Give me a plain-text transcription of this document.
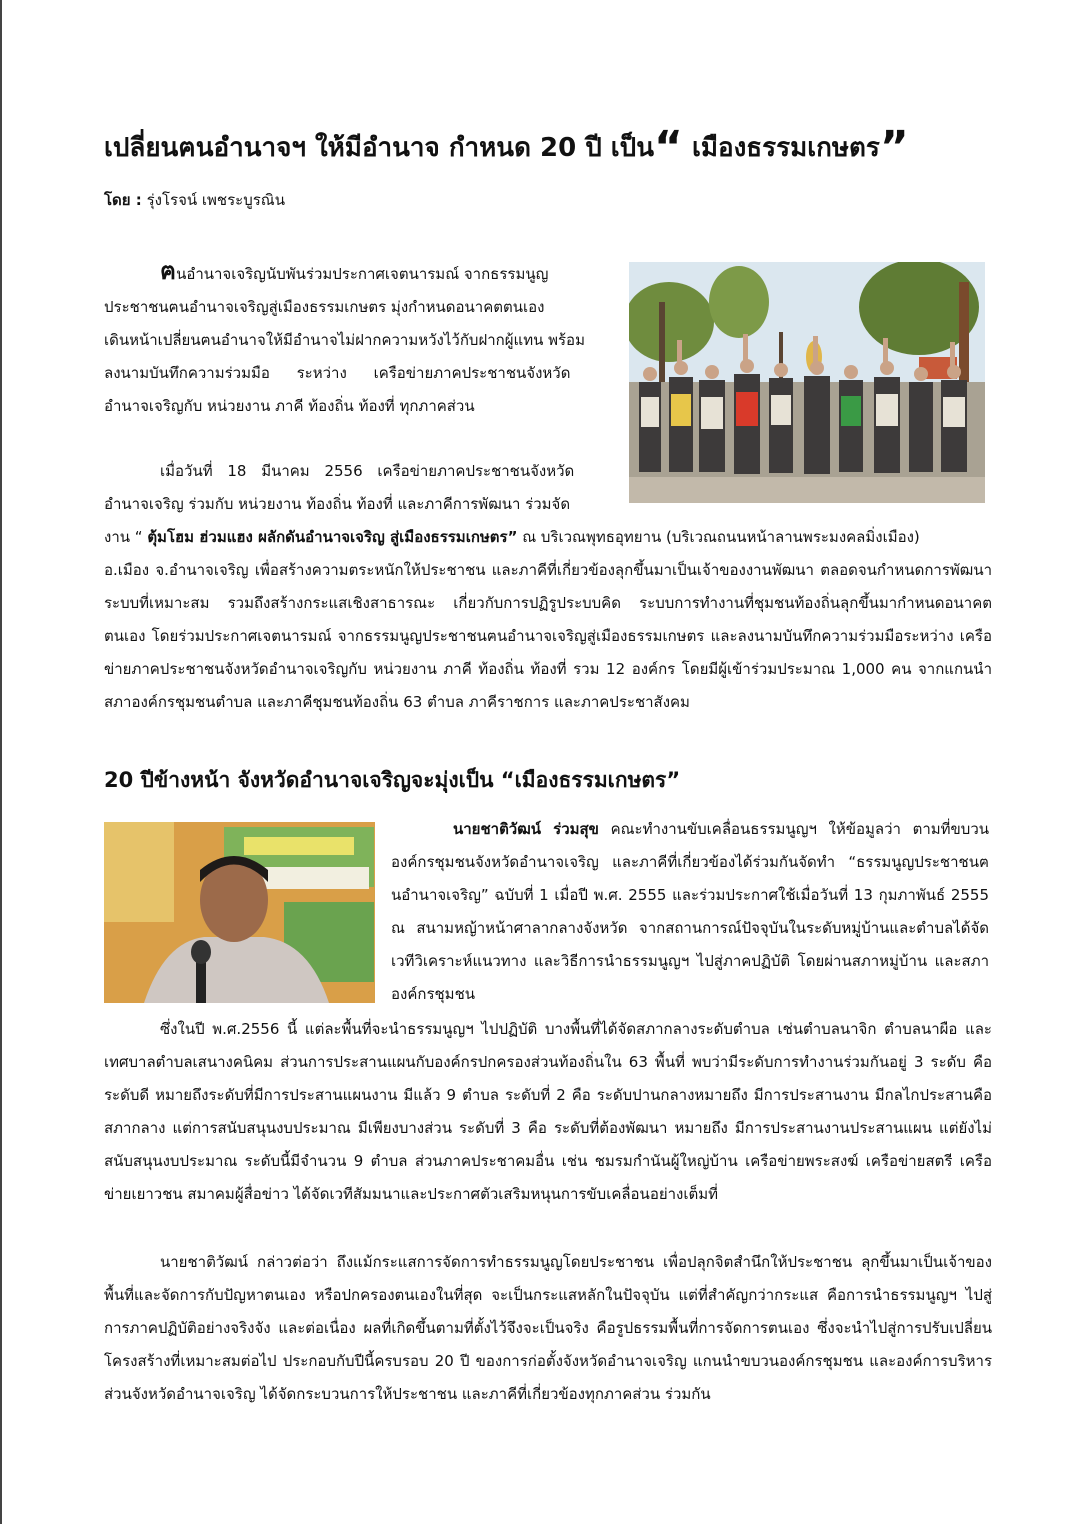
เปลี่ยนฅนอำนาจฯ ให้มีอำนาจ กำหนด 20 ปี เป็น“ เมืองธรรมเกษตร”
โดย : รุ่งโรจน์ เพชระบูรณิน

ฅนอำนาจเจริญนับพันร่วมประกาศเจตนารมณ์ จากธรรมนูญ

ประชาชนฅนอำนาจเจริญสู่เมืองธรรมเกษตร มุ่งกำหนดอนาคตตนเอง

เดินหน้าเปลี่ยนฅนอำนาจให้มีอำนาจไม่ฝากความหวังไว้กับฝากผู้แทน พร้อม

ลงนามบันทึกความร่วมมือ ระหว่าง เครือข่ายภาคประชาชนจังหวัด

อำนาจเจริญกับ หน่วยงาน ภาคี ท้องถิ่น ท้องที่ ทุกภาคส่วน

เมื่อวันที่ 18 มีนาคม 2556 เครือข่ายภาคประชาชนจังหวัด

อำนาจเจริญ ร่วมกับ หน่วยงาน ท้องถิ่น ท้องที่ และภาคีการพัฒนา ร่วมจัด

งาน “ ตุ้มโฮม ฮ่วมแฮง ผลักดันอำนาจเจริญ สู่เมืองธรรมเกษตร” ณ บริเวณพุทธอุทยาน (บริเวณถนนหน้าลานพระมงคลมิ่งเมือง)

อ.เมือง จ.อำนาจเจริญ เพื่อสร้างความตระหนักให้ประชาชน และภาคีที่เกี่ยวข้องลุกขึ้นมาเป็นเจ้าของงานพัฒนา ตลอดจนกำหนดการพัฒนาระบบที่เหมาะสม รวมถึงสร้างกระแสเชิงสาธารณะ เกี่ยวกับการปฏิรูประบบคิด ระบบการทำงานที่ชุมชนท้องถิ่นลุกขึ้นมากำหนดอนาคตตนเอง โดยร่วมประกาศเจตนารมณ์ จากธรรมนูญประชาชนฅนอำนาจเจริญสู่เมืองธรรมเกษตร และลงนามบันทึกความร่วมมือระหว่าง เครือข่ายภาคประชาชนจังหวัดอำนาจเจริญกับ หน่วยงาน ภาคี ท้องถิ่น ท้องที่ รวม 12 องค์กร โดยมีผู้เข้าร่วมประมาณ 1,000 คน จากแกนนำสภาองค์กรชุมชนตำบล และภาคีชุมชนท้องถิ่น 63 ตำบล ภาคีราชการ และภาคประชาสังคม

20 ปีข้างหน้า จังหวัดอำนาจเจริญจะมุ่งเป็น “เมืองธรรมเกษตร”

นายชาติวัฒน์ ร่วมสุข คณะทำงานขับเคลื่อนธรรมนูญฯ ให้ข้อมูลว่า ตามที่ขบวนองค์กรชุมชนจังหวัดอำนาจเจริญ และภาคีที่เกี่ยวข้องได้ร่วมกันจัดทำ “ธรรมนูญประชาชนฅนอำนาจเจริญ” ฉบับที่ 1 เมื่อปี พ.ศ. 2555 และร่วมประกาศใช้เมื่อวันที่ 13 กุมภาพันธ์ 2555 ณ สนามหญ้าหน้าศาลากลางจังหวัด จากสถานการณ์ปัจจุบันในระดับหมู่บ้านและตำบลได้จัดเวทีวิเคราะห์แนวทาง และวิธีการนำธรรมนูญฯ ไปสู่ภาคปฏิบัติ โดยผ่านสภาหมู่บ้าน และสภาองค์กรชุมชน

ซึ่งในปี พ.ศ.2556 นี้ แต่ละพื้นที่จะนำธรรมนูญฯ ไปปฏิบัติ บางพื้นที่ได้จัดสภากลางระดับตำบล เช่นตำบลนาจิก ตำบลนาผือ และเทศบาลตำบลเสนางคนิคม ส่วนการประสานแผนกับองค์กรปกครองส่วนท้องถิ่นใน 63 พื้นที่ พบว่ามีระดับการทำงานร่วมกันอยู่ 3 ระดับ คือ ระดับดี หมายถึงระดับที่มีการประสานแผนงาน มีแล้ว 9 ตำบล ระดับที่ 2 คือ ระดับปานกลางหมายถึง มีการประสานงาน มีกลไกประสานคือสภากลาง แต่การสนับสนุนงบประมาณ มีเพียงบางส่วน ระดับที่ 3 คือ ระดับที่ต้องพัฒนา หมายถึง มีการประสานงานประสานแผน แต่ยังไม่สนับสนุนงบประมาณ ระดับนี้มีจำนวน 9 ตำบล ส่วนภาคประชาคมอื่น เช่น ชมรมกำนันผู้ใหญ่บ้าน เครือข่ายพระสงฆ์ เครือข่ายสตรี เครือข่ายเยาวชน สมาคมผู้สื่อข่าว ได้จัดเวทีสัมมนาและประกาศตัวเสริมหนุนการขับเคลื่อนอย่างเต็มที่

นายชาติวัฒน์ กล่าวต่อว่า ถึงแม้กระแสการจัดการทำธรรมนูญโดยประชาชน เพื่อปลุกจิตสำนึกให้ประชาชน ลุกขึ้นมาเป็นเจ้าของพื้นที่และจัดการกับปัญหาตนเอง หรือปกครองตนเองในที่สุด จะเป็นกระแสหลักในปัจจุบัน แต่ที่สำคัญกว่ากระแส คือการนำธรรมนูญฯ ไปสู่การภาคปฏิบัติอย่างจริงจัง และต่อเนื่อง ผลที่เกิดขึ้นตามที่ตั้งไว้จึงจะเป็นจริง คือรูปธรรมพื้นที่การจัดการตนเอง ซึ่งจะนำไปสู่การปรับเปลี่ยนโครงสร้างที่เหมาะสมต่อไป ประกอบกับปีนี้ครบรอบ 20 ปี ของการก่อตั้งจังหวัดอำนาจเจริญ แกนนำขบวนองค์กรชุมชน และองค์การบริหารส่วนจังหวัดอำนาจเจริญ ได้จัดกระบวนการให้ประชาชน และภาคีที่เกี่ยวข้องทุกภาคส่วน ร่วมกัน
